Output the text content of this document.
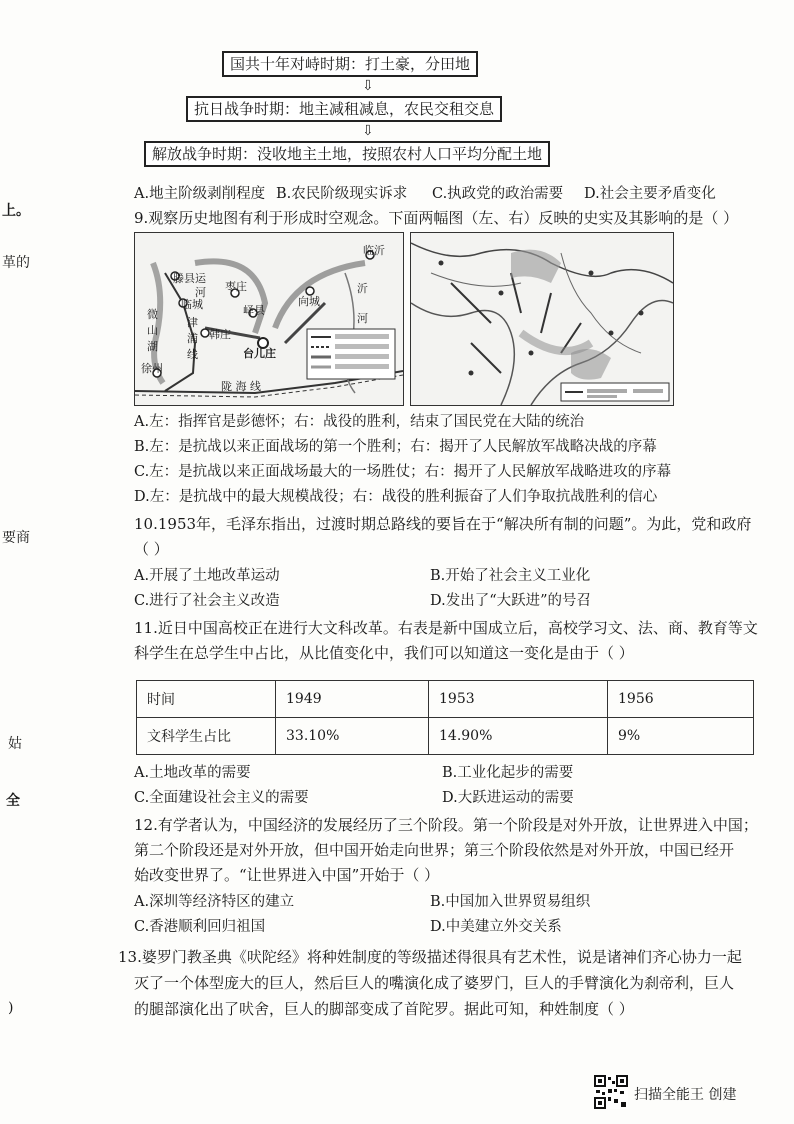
国共十年对峙时期：打土豪，分田地
⇩
抗日战争时期：地主减租减息，农民交租交息
⇩
解放战争时期：没收地主土地，按照农村人口平均分配土地
上。
革的
要商
姑
全
)
A.地主阶级剥削程度 B.农民阶级现实诉求 C.执政党的政治需要 D.社会主要矛盾变化
9.观察历史地图有利于形成时空观念。下面两幅图（左、右）反映的史实及其影响的是（ ）
滕县
临城
枣庄
峄县
韩庄
台儿庄
向城
临沂
沂
河
徐州
陇 海 线
运
河
微
山
湖
津
浦
线
A.左：指挥官是彭德怀；右：战役的胜利，结束了国民党在大陆的统治
B.左：是抗战以来正面战场的第一个胜利；右：揭开了人民解放军战略决战的序幕
C.左：是抗战以来正面战场最大的一场胜仗；右：揭开了人民解放军战略进攻的序幕
D.左：是抗战中的最大规模战役；右：战役的胜利振奋了人们争取抗战胜利的信心
10.1953年，毛泽东指出，过渡时期总路线的要旨在于“解决所有制的问题”。为此，党和政府
（ ）
A.开展了土地改革运动	B.开始了社会主义工业化
C.进行了社会主义改造	D.发出了“大跃进”的号召
11.近日中国高校正在进行大文科改革。右表是新中国成立后，高校学习文、法、商、教育等文
科学生在总学生中占比，从比值变化中，我们可以知道这一变化是由于（ ）
时间	1949	1953	1956
文科学生占比	33.10%	14.90%	9%
A.土地改革的需要	B.工业化起步的需要
C.全面建设社会主义的需要	D.大跃进运动的需要
12.有学者认为，中国经济的发展经历了三个阶段。第一个阶段是对外开放，让世界进入中国；
第二个阶段还是对外开放，但中国开始走向世界；第三个阶段依然是对外开放，中国已经开
始改变世界了。“让世界进入中国”开始于（ ）
A.深圳等经济特区的建立	B.中国加入世界贸易组织
C.香港顺利回归祖国	D.中美建立外交关系
13.婆罗门教圣典《吠陀经》将种姓制度的等级描述得很具有艺术性，说是诸神们齐心协力一起
灭了一个体型庞大的巨人，然后巨人的嘴演化成了婆罗门，巨人的手臂演化为刹帝利，巨人
的腿部演化出了吠舍，巨人的脚部变成了首陀罗。据此可知，种姓制度（ ）
扫描全能王 创建
